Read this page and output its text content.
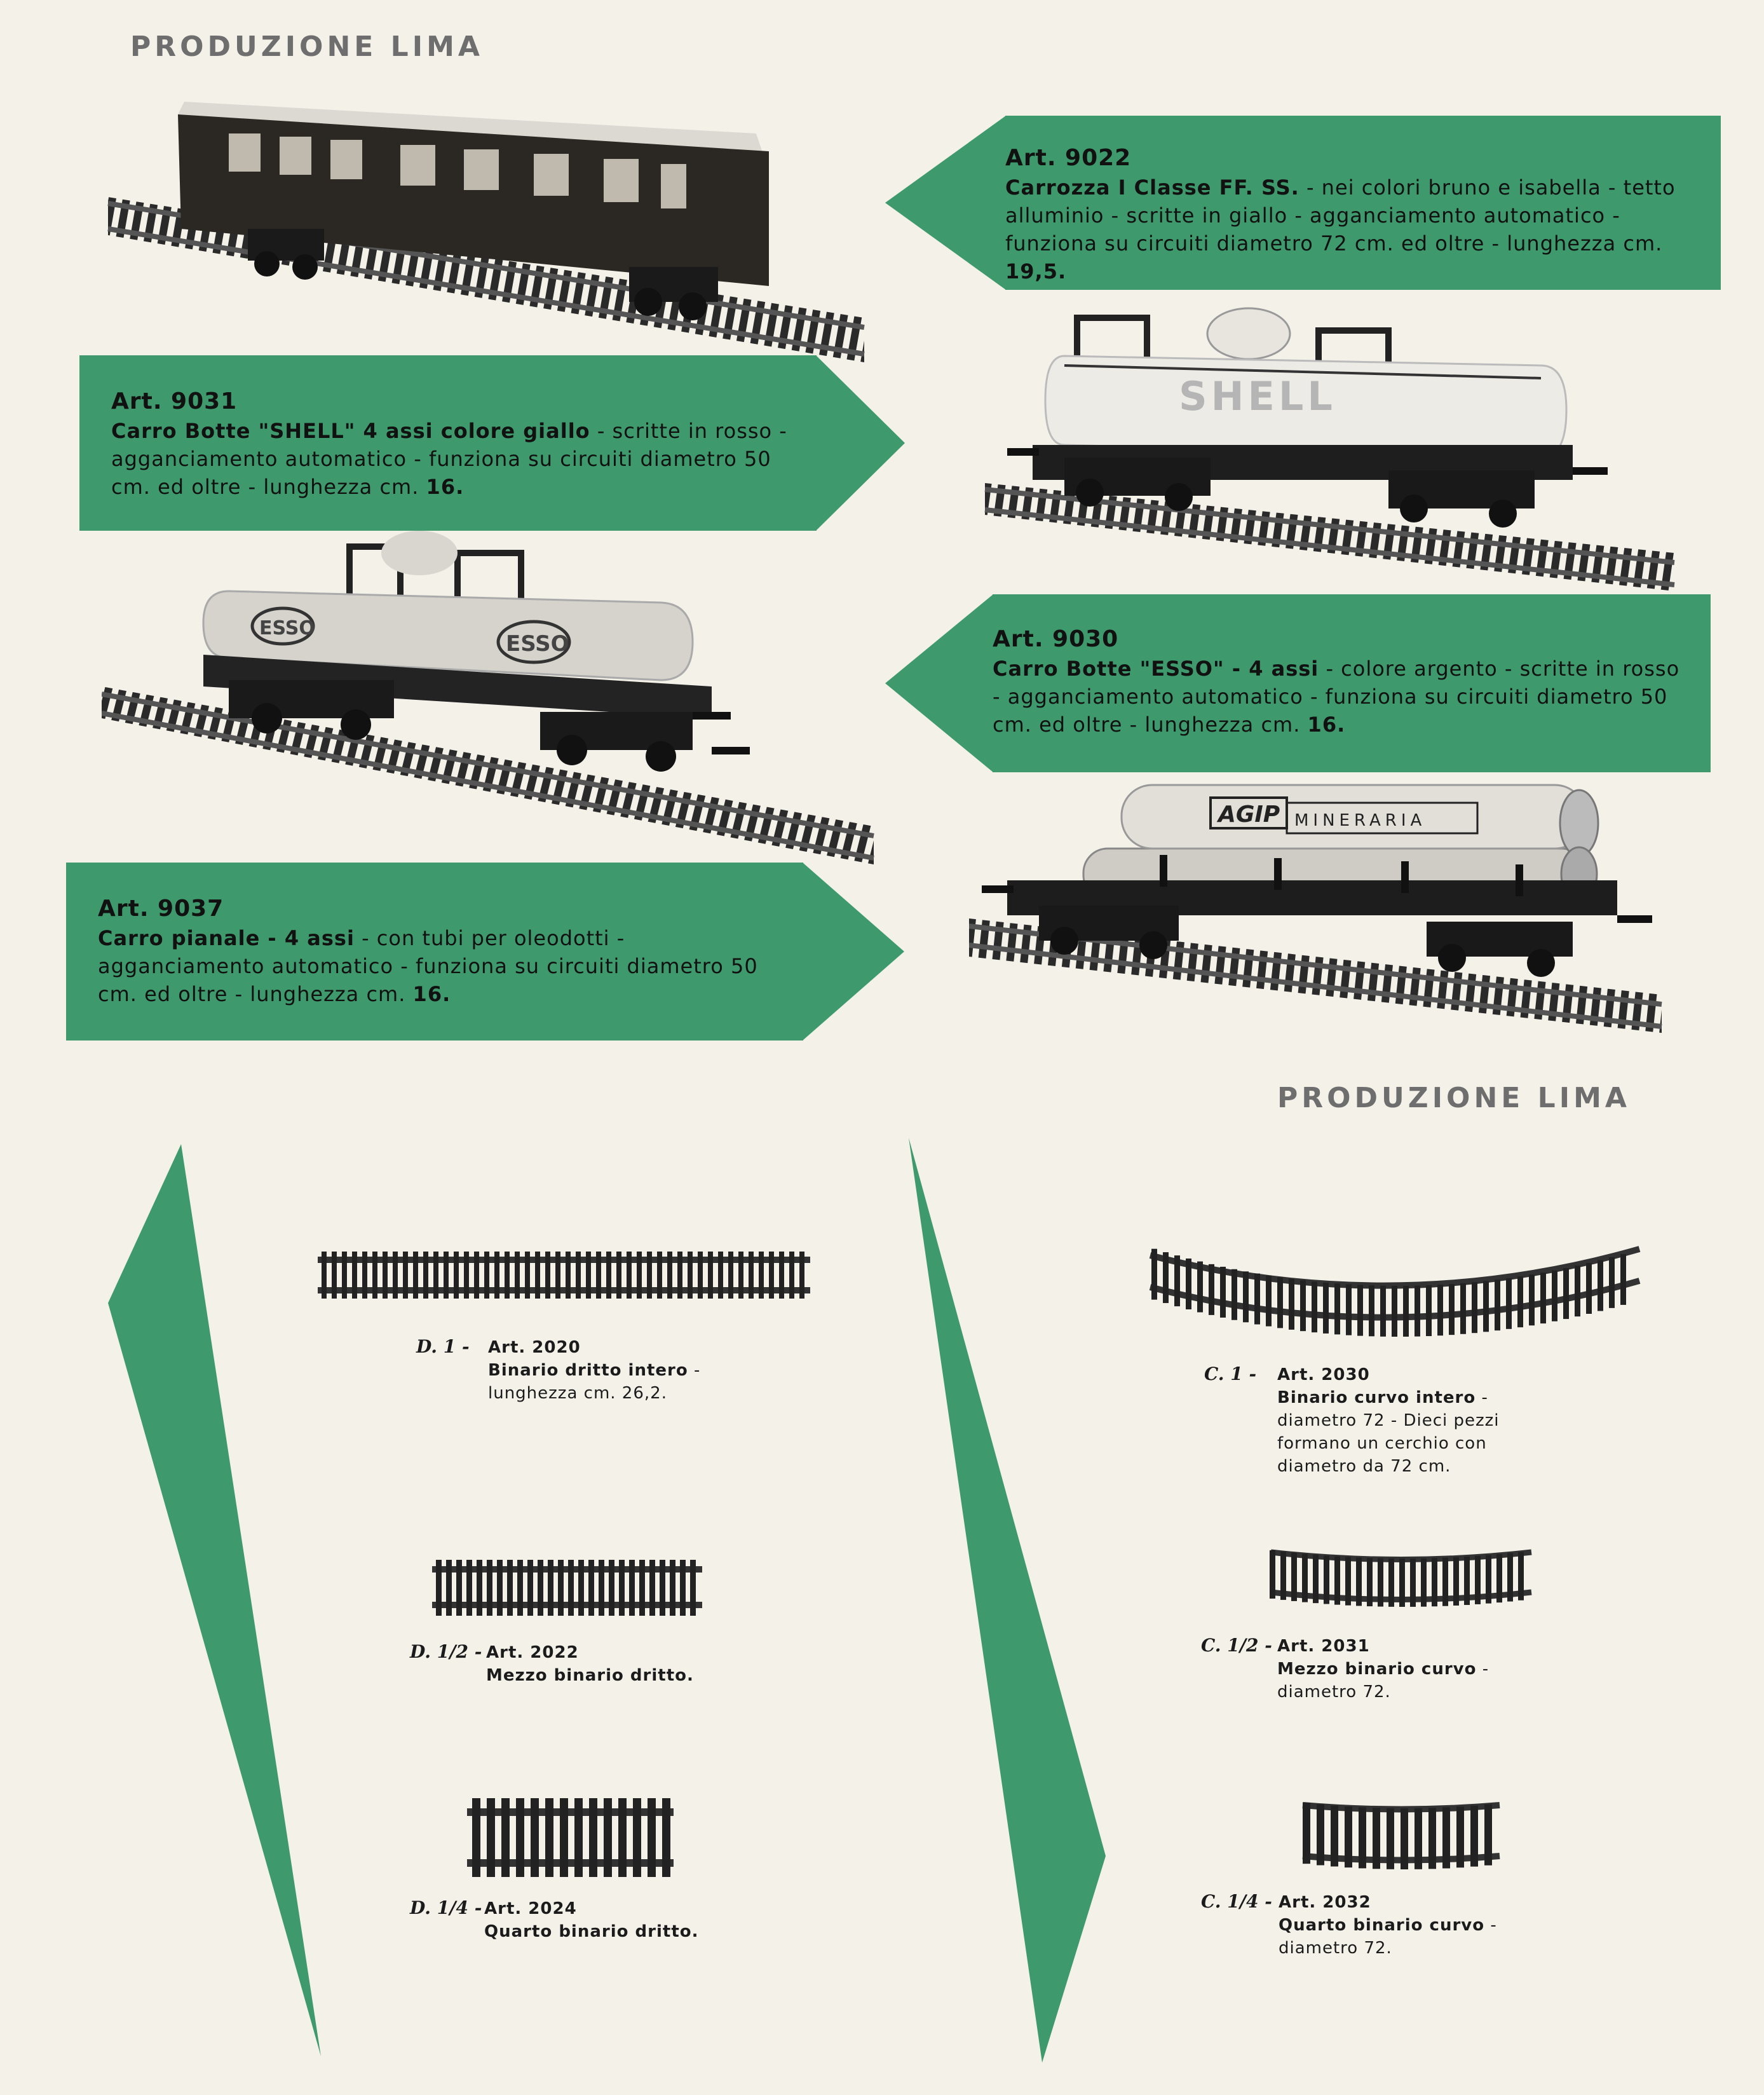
PRODUZIONE LIMA
PRODUZIONE LIMA
Art. 9022
Carrozza I Classe FF. SS. - nei colori bruno e isabella - tetto alluminio - scritte in giallo - agganciamento automatico - funziona su circuiti diametro 72 cm. ed oltre - lunghezza cm. 19,5.
Art. 9031
Carro Botte "SHELL" 4 assi colore giallo - scritte in rosso - agganciamento automatico - funziona su circuiti diametro 50 cm. ed oltre - lunghezza cm. 16.
Art. 9030
Carro Botte "ESSO" - 4 assi - colore argento - scritte in rosso - agganciamento automatico - funziona su circuiti diametro 50 cm. ed oltre - lunghezza cm. 16.
Art. 9037
Carro pianale - 4 assi - con tubi per oleodotti - agganciamento automatico - funziona su circuiti diametro 50 cm. ed oltre - lunghezza cm. 16.
SHELL
ESSO
ESSO
AGIP MINERARIA
D. 1 - Art. 2020
Binario dritto intero - lunghezza cm. 26,2.
D. 1/2 - Art. 2022
Mezzo binario dritto.
D. 1/4 - Art. 2024
Quarto binario dritto.
C. 1 - Art. 2030
Binario curvo intero - diametro 72 - Dieci pezzi formano un cerchio con diametro da 72 cm.
C. 1/2 - Art. 2031
Mezzo binario curvo - diametro 72.
C. 1/4 - Art. 2032
Quarto binario curvo - diametro 72.
